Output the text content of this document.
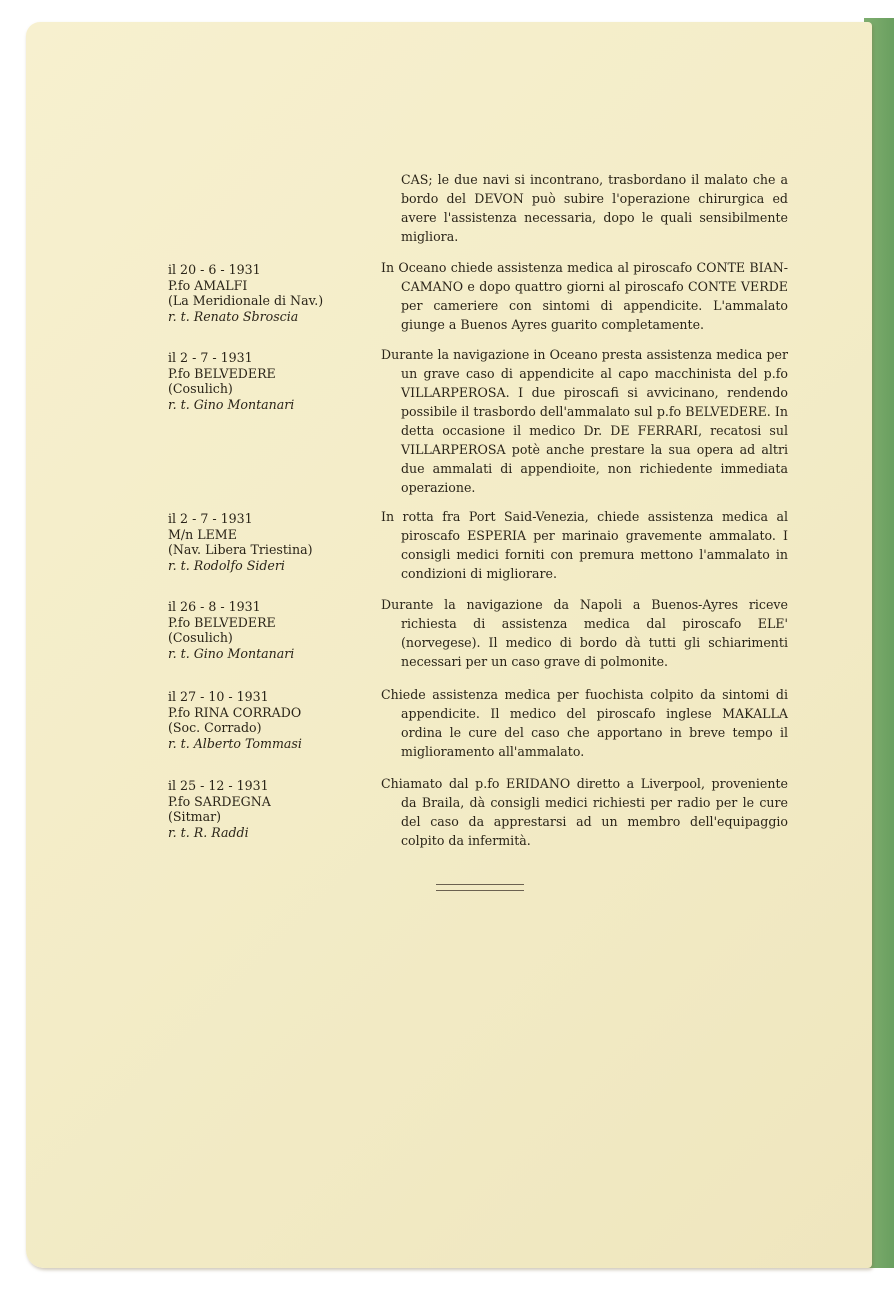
CAS; le due navi si incontrano, trasbordano il malato che a bordo del DEVON può subire l'operazione chirurgica ed avere l'assistenza necessaria, dopo le quali sensibilmente migliora.

il 20 - 6 - 1931
P.fo AMALFI
(La Meridionale di Nav.)
r. t. Renato Sbroscia

In Oceano chiede assistenza medica al piroscafo CONTE BIAN-CAMANO e dopo quattro giorni al piroscafo CONTE VERDE per cameriere con sintomi di appendicite. L'ammalato giunge a Buenos Ayres guarito completamente.

il 2 - 7 - 1931
P.fo BELVEDERE
(Cosulich)
r. t. Gino Montanari

Durante la navigazione in Oceano presta assistenza medica per un grave caso di appendicite al capo macchinista del p.fo VILLARPEROSA. I due piroscafi si avvicinano, rendendo possibile il trasbordo dell'ammalato sul p.fo BELVEDERE. In detta occasione il medico Dr. DE FERRARI, recatosi sul VILLARPEROSA potè anche prestare la sua opera ad altri due ammalati di appendioite, non richiedente immediata operazione.

il 2 - 7 - 1931
M/n LEME
(Nav. Libera Triestina)
r. t. Rodolfo Sideri

In rotta fra Port Said-Venezia, chiede assistenza medica al piroscafo ESPERIA per marinaio gravemente ammalato. I consigli medici forniti con premura mettono l'ammalato in condizioni di migliorare.

il 26 - 8 - 1931
P.fo BELVEDERE
(Cosulich)
r. t. Gino Montanari

Durante la navigazione da Napoli a Buenos-Ayres riceve richiesta di assistenza medica dal piroscafo ELE' (norvegese). Il medico di bordo dà tutti gli schiarimenti necessari per un caso grave di polmonite.

il 27 - 10 - 1931
P.fo RINA CORRADO
(Soc. Corrado)
r. t. Alberto Tommasi

Chiede assistenza medica per fuochista colpito da sintomi di appendicite. Il medico del piroscafo inglese MAKALLA ordina le cure del caso che apportano in breve tempo il miglioramento all'ammalato.

il 25 - 12 - 1931
P.fo SARDEGNA
(Sitmar)
r. t. R. Raddi

Chiamato dal p.fo ERIDANO diretto a Liverpool, proveniente da Braila, dà consigli medici richiesti per radio per le cure del caso da apprestarsi ad un membro dell'equipaggio colpito da infermità.
